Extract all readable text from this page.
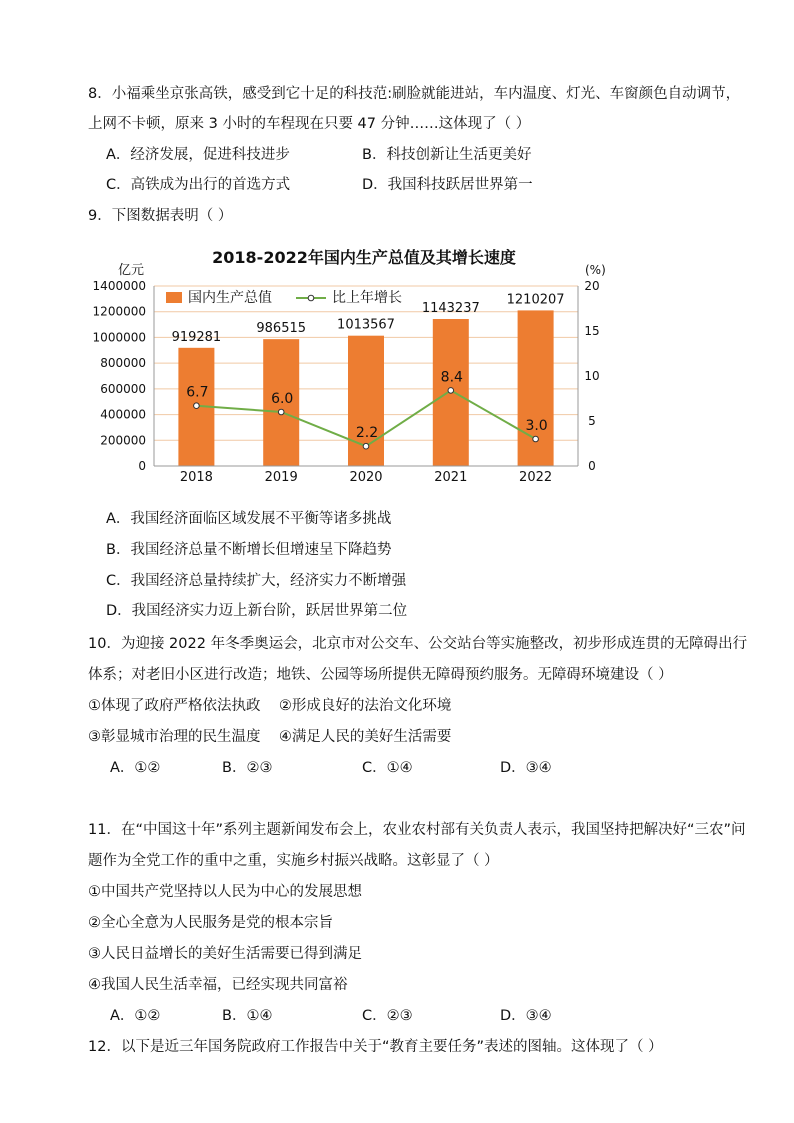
8．小福乘坐京张高铁，感受到它十足的科技范:刷脸就能进站，车内温度、灯光、车窗颜色自动调节，
上网不卡顿，原来 3 小时的车程现在只要 47 分钟……这体现了（ ）
A．经济发展，促进科技进步	B．科技创新让生活更美好
C．高铁成为出行的首选方式	D．我国科技跃居世界第一
9．下图数据表明（ ）
2018-2022年国内生产总值及其增长速度
亿元	(%)
919281
986515 1013567
1143237
1210207
6.7	6.0
2.2
8.4
3.0
0
200000
400000
600000
800000
1000000
1200000
1400000
0
5
10
15
20
2018	2019	2020	2021	2022
国内生产总值	比上年增长
A．我国经济面临区域发展不平衡等诸多挑战
B．我国经济总量不断增长但增速呈下降趋势
C．我国经济总量持续扩大，经济实力不断增强
D．我国经济实力迈上新台阶，跃居世界第二位
10．为迎接 2022 年冬季奥运会，北京市对公交车、公交站台等实施整改，初步形成连贯的无障碍出行
体系；对老旧小区进行改造；地铁、公园等场所提供无障碍预约服务。无障碍环境建设（ ）
①体现了政府严格依法执政    ②形成良好的法治文化环境
③彰显城市治理的民生温度    ④满足人民的美好生活需要
A．①②	B．②③	C．①④	D．③④
11．在“中国这十年”系列主题新闻发布会上，农业农村部有关负责人表示，我国坚持把解决好“三农”问
题作为全党工作的重中之重，实施乡村振兴战略。这彰显了（ ）
①中国共产党坚持以人民为中心的发展思想
②全心全意为人民服务是党的根本宗旨
③人民日益增长的美好生活需要已得到满足
④我国人民生活幸福，已经实现共同富裕
A．①②	B．①④	C．②③	D．③④
12．以下是近三年国务院政府工作报告中关于“教育主要任务”表述的图轴。这体现了（ ）
